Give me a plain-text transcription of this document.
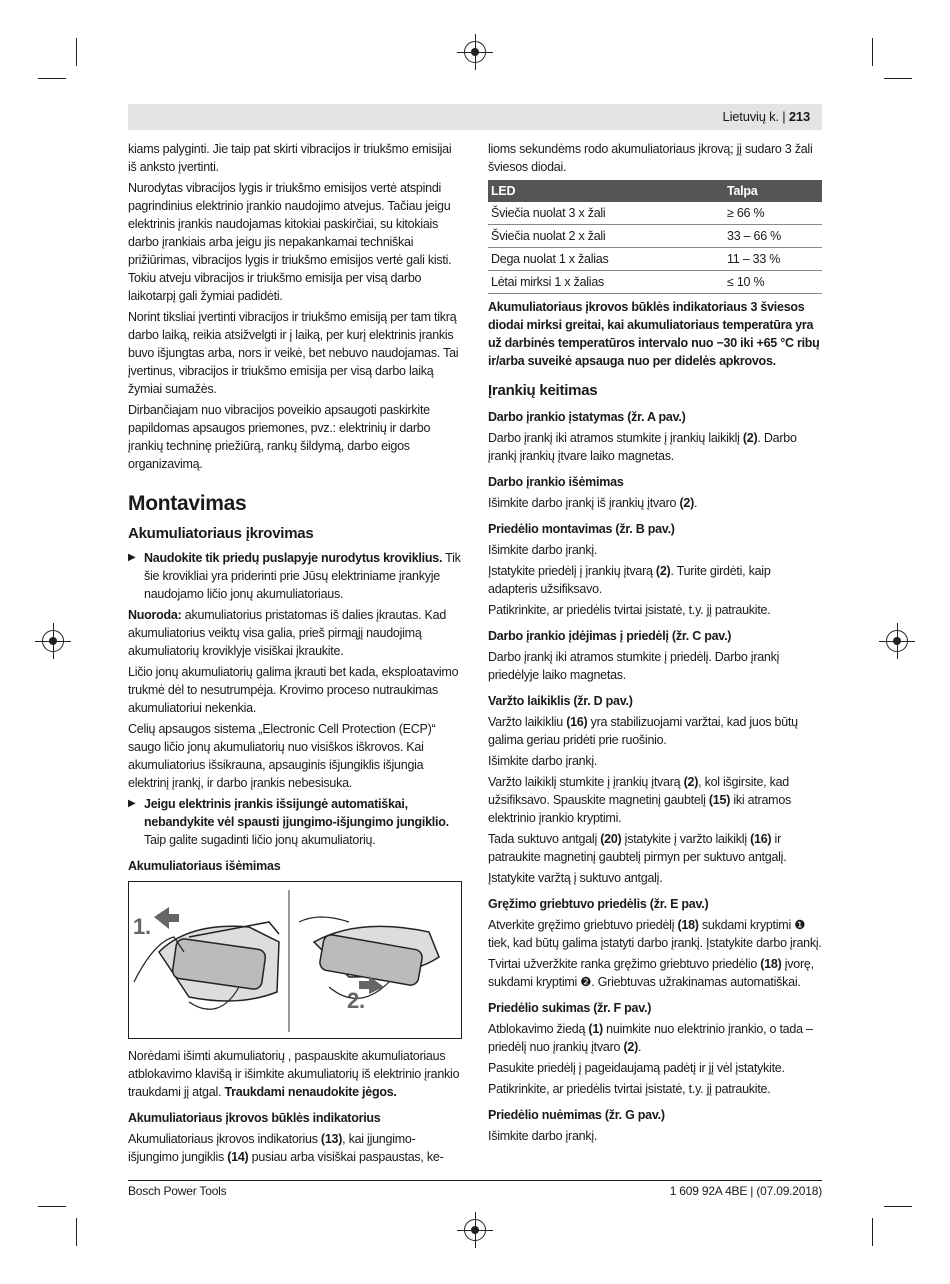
Lietuvių k. | 213

kiams palyginti. Jie taip pat skirti vibracijos ir triukšmo emisijai iš anksto įvertinti.

Nurodytas vibracijos lygis ir triukšmo emisijos vertė atspindi pagrindinius elektrinio įrankio naudojimo atvejus. Tačiau jeigu elektrinis įrankis naudojamas kitokiai paskirčiai, su kitokiais darbo įrankiais arba jeigu jis nepakankamai techniškai prižiūrimas, vibracijos lygis ir triukšmo emisijos vertė gali kisti. Tokiu atveju vibracijos ir triukšmo emisija per visą darbo laikotarpį gali žymiai padidėti.

Norint tiksliai įvertinti vibracijos ir triukšmo emisiją per tam tikrą darbo laiką, reikia atsižvelgti ir į laiką, per kurį elektrinis įrankis buvo išjungtas arba, nors ir veikė, bet nebuvo naudojamas. Tai įvertinus, vibracijos ir triukšmo emisija per visą darbo laiką žymiai sumažės.

Dirbančiajam nuo vibracijos poveikio apsaugoti paskirkite papildomas apsaugos priemones, pvz.: elektrinių ir darbo įrankių techninę priežiūrą, rankų šildymą, darbo eigos organizavimą.

Montavimas
Akumuliatoriaus įkrovimas
▶ Naudokite tik priedų puslapyje nurodytus kroviklius. Tik šie krovikliai yra priderinti prie Jūsų elektriniame įrankyje naudojamo ličio jonų akumuliatoriaus.

Nuoroda: akumuliatorius pristatomas iš dalies įkrautas. Kad akumuliatorius veiktų visa galia, prieš pirmąjį naudojimą akumuliatorių kroviklyje visiškai įkraukite.

Ličio jonų akumuliatorių galima įkrauti bet kada, eksploatavimo trukmė dėl to nesutrumpėja. Krovimo proceso nutraukimas akumuliatoriui nekenkia.

Celių apsaugos sistema „Electronic Cell Protection (ECP)“ saugo ličio jonų akumuliatorių nuo visiškos iškrovos. Kai akumuliatorius išsikrauna, apsauginis išjungiklis išjungia elektrinį įrankį, ir darbo įrankis nebesisuka.

▶ Jeigu elektrinis įrankis išsijungė automatiškai, nebandykite vėl spausti įjungimo-išjungimo jungiklio. Taip galite sugadinti ličio jonų akumuliatorių.
Akumuliatoriaus išėmimas
1.
2.

Norėdami išimti akumuliatorių , paspauskite akumuliatoriaus atblokavimo klavišą ir išimkite akumuliatorių iš elektrinio įrankio traukdami jį atgal. Traukdami nenaudokite jėgos.

Akumuliatoriaus įkrovos būklės indikatorius

Akumuliatoriaus įkrovos indikatorius (13), kai įjungimo-išjungimo jungiklis (14) pusiau arba visiškai paspaustas, ke-

lioms sekundėms rodo akumuliatoriaus įkrovą; jį sudaro 3 žali šviesos diodai.

LED	Talpa
Šviečia nuolat 3 x žali	≥ 66 %
Šviečia nuolat 2 x žali	33 – 66 %
Dega nuolat 1 x žalias	11 – 33 %
Lėtai mirksi 1 x žalias	≤ 10 %

Akumuliatoriaus įkrovos būklės indikatoriaus 3 šviesos diodai mirksi greitai, kai akumuliatoriaus temperatūra yra už darbinės temperatūros intervalo nuo −30 iki +65 °C ribų ir/arba suveikė apsauga nuo per didelės apkrovos.

Įrankių keitimas
Darbo įrankio įstatymas (žr. A pav.)

Darbo įrankį iki atramos stumkite į įrankių laikiklį (2). Darbo įrankį įrankių įtvare laiko magnetas.

Darbo įrankio išėmimas

Išimkite darbo įrankį iš įrankių įtvaro (2).

Priedėlio montavimas (žr. B pav.)

Išimkite darbo įrankį.

Įstatykite priedėlį į įrankių įtvarą (2). Turite girdėti, kaip adapteris užsifiksavo.

Patikrinkite, ar priedėlis tvirtai įsistatė, t.y. jį patraukite.

Darbo įrankio įdėjimas į priedėlį (žr. C pav.)

Darbo įrankį iki atramos stumkite į priedėlį. Darbo įrankį priedėlyje laiko magnetas.

Varžto laikiklis (žr. D pav.)

Varžto laikikliu (16) yra stabilizuojami varžtai, kad juos būtų galima geriau pridėti prie ruošinio.

Išimkite darbo įrankį.

Varžto laikiklį stumkite į įrankių įtvarą (2), kol išgirsite, kad užsifiksavo. Spauskite magnetinį gaubtelį (15) iki atramos elektrinio įrankio kryptimi.

Tada suktuvo antgalį (20) įstatykite į varžto laikiklį (16) ir patraukite magnetinį gaubtelį pirmyn per suktuvo antgalį.

Įstatykite varžtą į suktuvo antgalį.

Gręžimo griebtuvo priedėlis (žr. E pav.)

Atverkite gręžimo griebtuvo priedėlį (18) sukdami kryptimi ❶ tiek, kad būtų galima įstatyti darbo įrankį. Įstatykite darbo įrankį.

Tvirtai užveržkite ranka gręžimo griebtuvo priedėlio (18) įvorę, sukdami kryptimi ❷. Griebtuvas užrakinamas automatiškai.

Priedėlio sukimas (žr. F pav.)

Atblokavimo žiedą (1) nuimkite nuo elektrinio įrankio, o tada – priedėlį nuo įrankių įtvaro (2).

Pasukite priedėlį į pageidaujamą padėtį ir jį vėl įstatykite.

Patikrinkite, ar priedėlis tvirtai įsistatė, t.y. jį patraukite.

Priedėlio nuėmimas (žr. G pav.)

Išimkite darbo įrankį.

Bosch Power Tools	1 609 92A 4BE | (07.09.2018)
